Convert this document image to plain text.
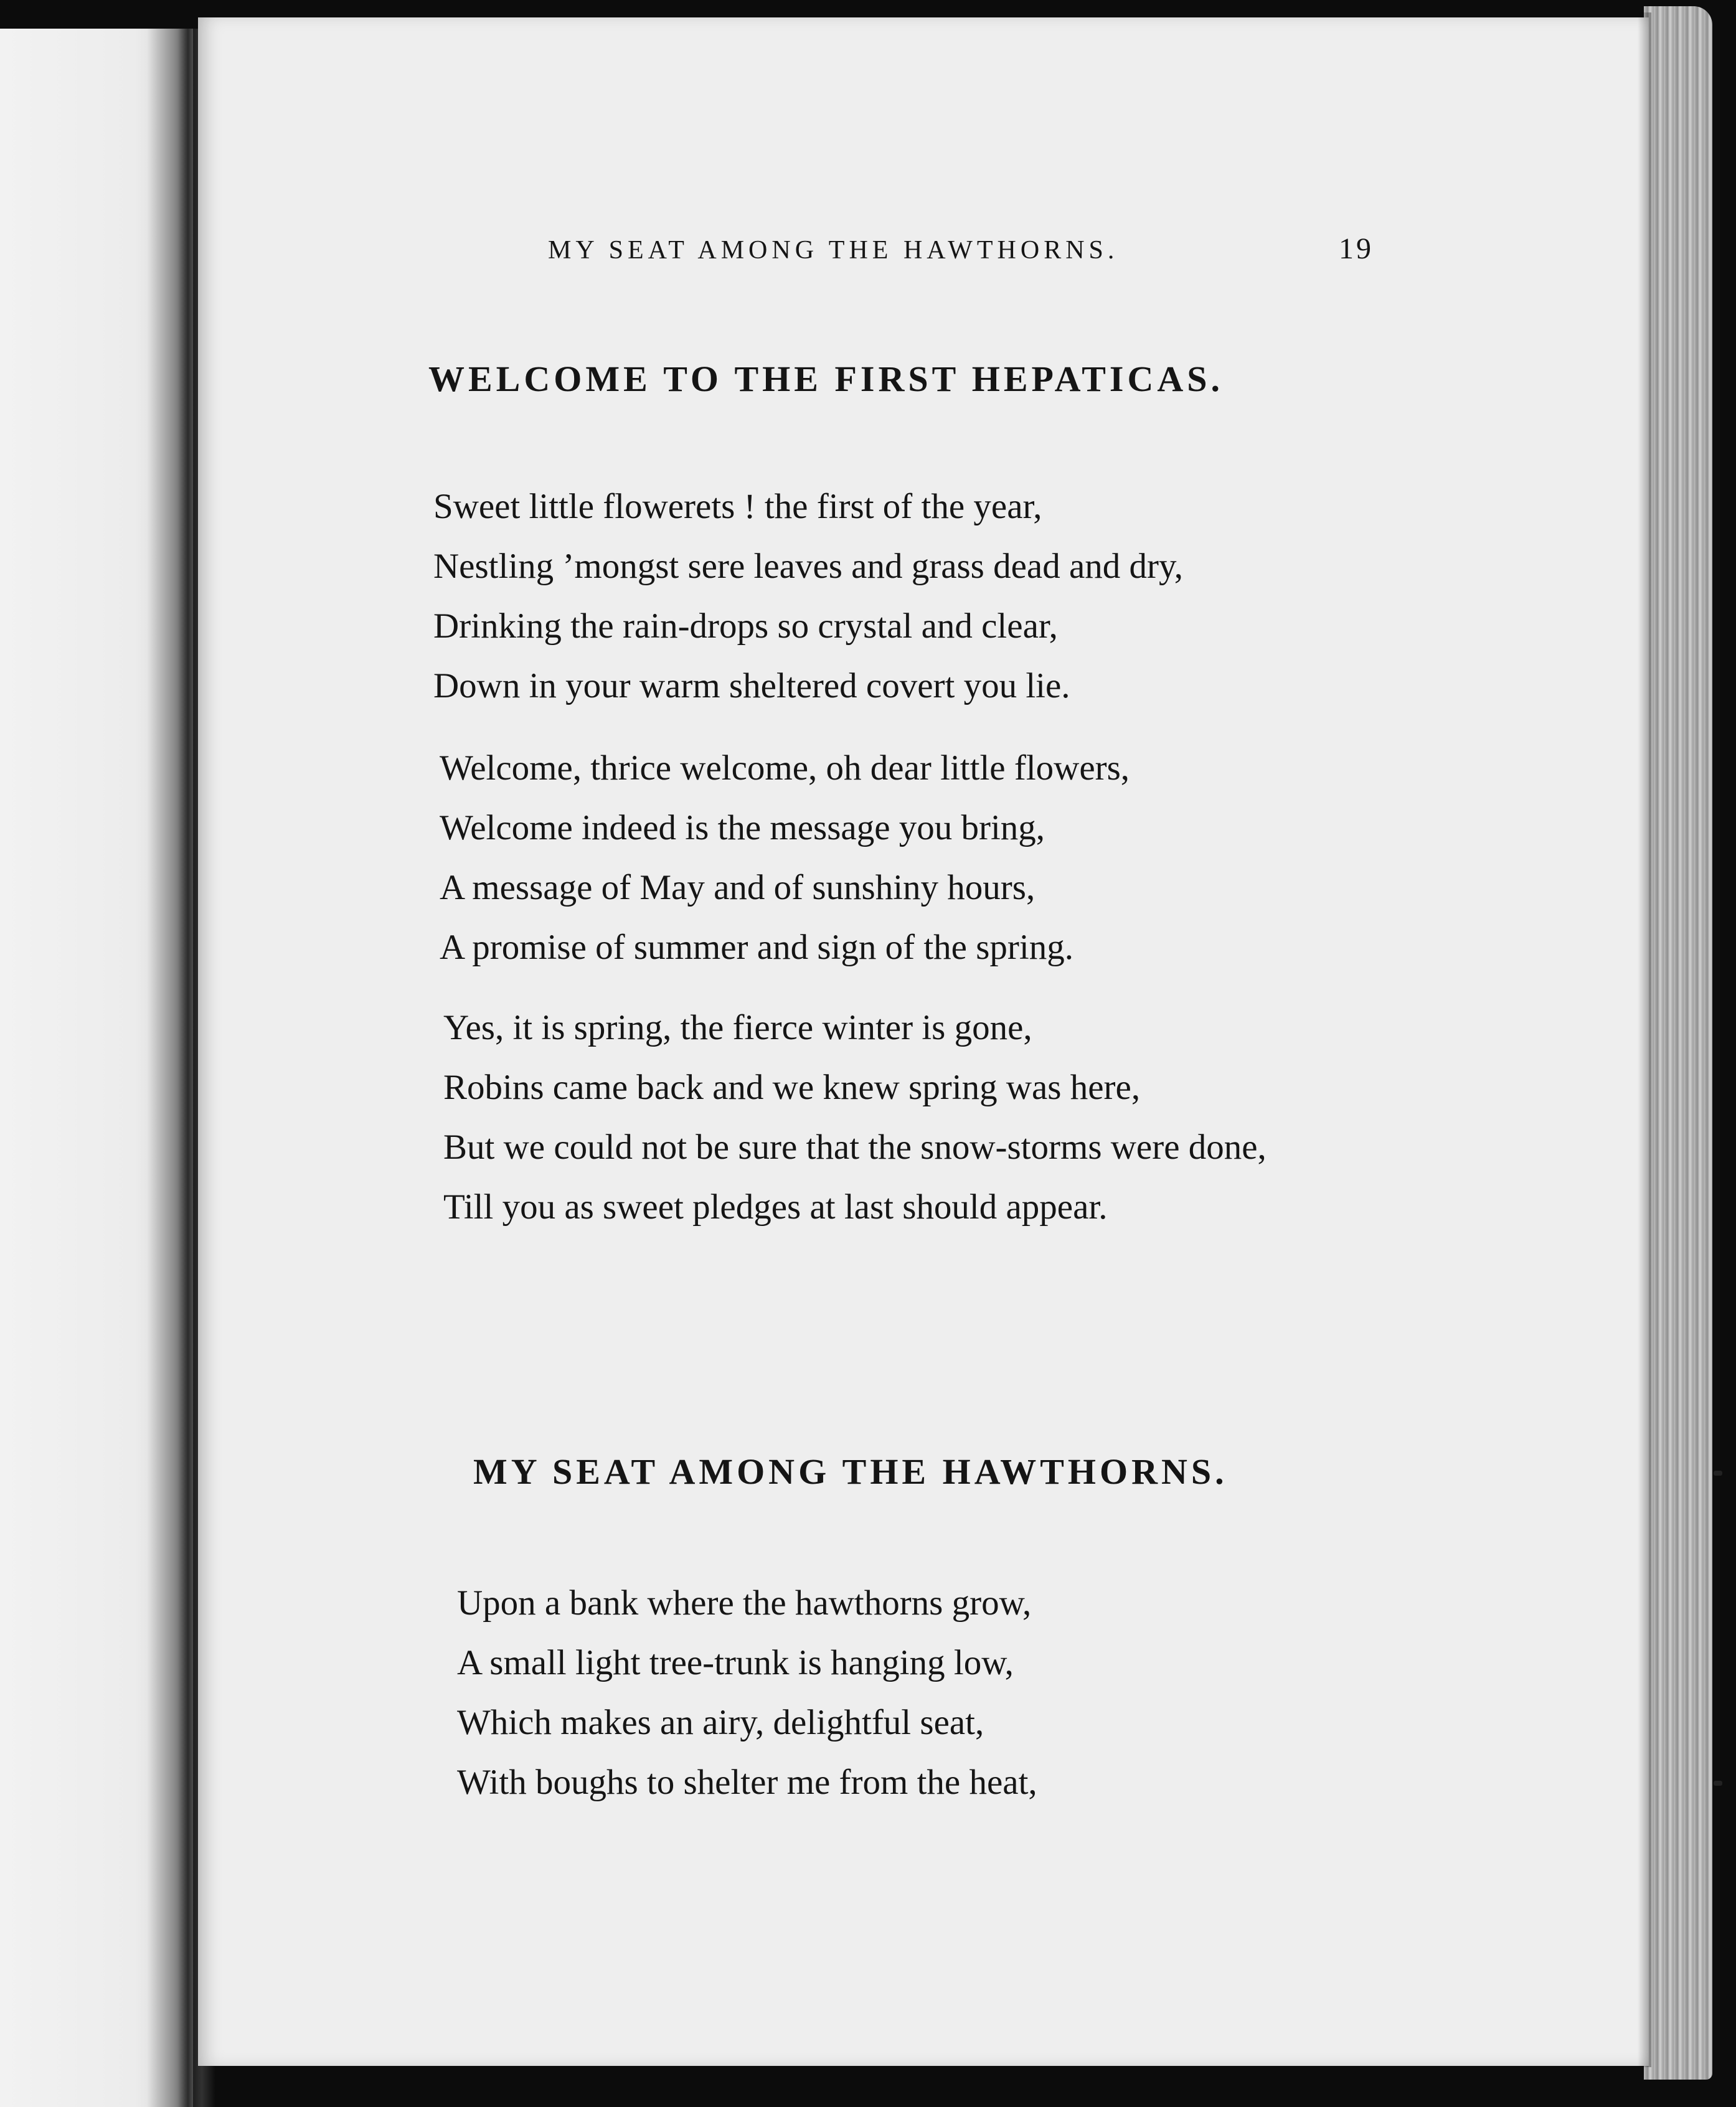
MY SEAT AMONG THE HAWTHORNS.	19

WELCOME TO THE FIRST HEPATICAS.
Sweet little flowerets ! the first of the year,
Nestling ’mongst sere leaves and grass dead and dry,
Drinking the rain-drops so crystal and clear,
Down in your warm sheltered covert you lie.
Welcome, thrice welcome, oh dear little flowers,
Welcome indeed is the message you bring,
A message of May and of sunshiny hours,
A promise of summer and sign of the spring.
Yes, it is spring, the fierce winter is gone,
Robins came back and we knew spring was here,
But we could not be sure that the snow-storms were done,
Till you as sweet pledges at last should appear.
MY SEAT AMONG THE HAWTHORNS.
Upon a bank where the hawthorns grow,
A small light tree-trunk is hanging low,
Which makes an airy, delightful seat,
With boughs to shelter me from the heat,
